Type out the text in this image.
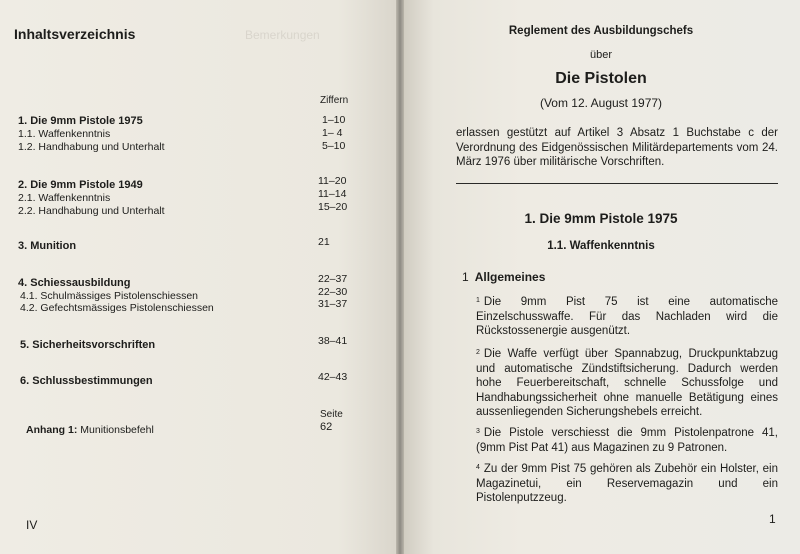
Inhaltsverzeichnis	Bemerkungen
Ziffern
1. Die 9mm Pistole 1975	1–10
1.1. Waffenkenntnis	1– 4
1.2. Handhabung und Unterhalt	5–10
2. Die 9mm Pistole 1949	11–20
2.1. Waffenkenntnis	11–14
2.2. Handhabung und Unterhalt	15–20
3. Munition	21
4. Schiessausbildung	22–37
4.1. Schulmässiges Pistolenschiessen	22–30
4.2. Gefechtsmässiges Pistolenschiessen	31–37
5. Sicherheitsvorschriften	38–41
6. Schlussbestimmungen	42–43
Seite
Anhang 1: Munitionsbefehl	62
IV
Reglement des Ausbildungschefs
über
Die Pistolen
(Vom 12. August 1977)
erlassen gestützt auf Artikel 3 Absatz 1 Buchstabe c der Verordnung des Eidgenössischen Militärdepartements vom 24. März 1976 über militärische Vorschriften.
1. Die 9mm Pistole 1975
1.1. Waffenkenntnis
1 Allgemeines
$^1$ Die 9mm Pist 75 ist eine automatische Einzelschusswaffe. Für das Nachladen wird die Rückstossenergie ausgenützt.
$^2$ Die Waffe verfügt über Spannabzug, Druckpunktabzug und automatische Zündstiftsicherung. Dadurch werden hohe Feuerbereitschaft, schnelle Schussfolge und Handhabungssicherheit ohne manuelle Betätigung eines aussenliegenden Sicherungshebels erreicht.
$^3$ Die Pistole verschiesst die 9mm Pistolenpatrone 41, (9mm Pist Pat 41) aus Magazinen zu 9 Patronen.
$^4$ Zu der 9mm Pist 75 gehören als Zubehör ein Holster, ein Magazinetui, ein Reservemagazin und ein Pistolenputzzeug.
1
